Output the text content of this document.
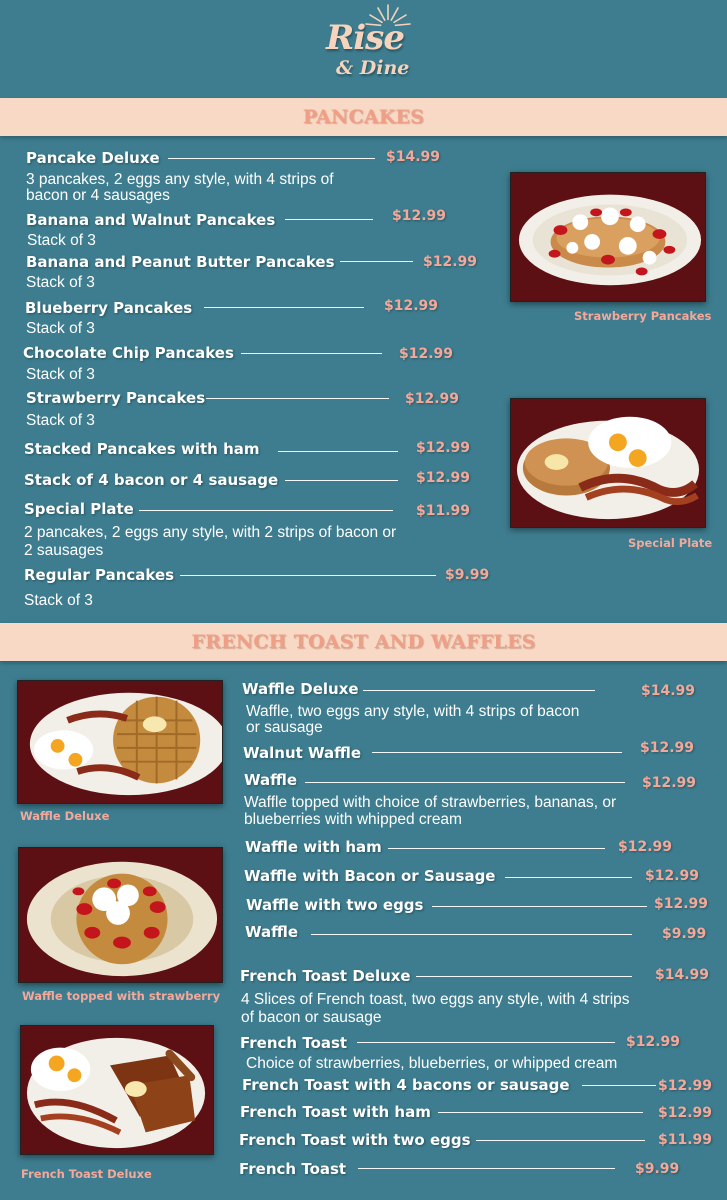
Rise
& Dine
PANCAKES
Pancake Deluxe	$14.99
3 pancakes, 2 eggs any style, with 4 strips of
bacon or 4 sausages
Banana and Walnut Pancakes	$12.99
Stack of 3
Banana and Peanut Butter Pancakes	$12.99
Stack of 3
Blueberry Pancakes	$12.99
Stack of 3
Chocolate Chip Pancakes	$12.99
Stack of 3
Strawberry Pancakes	$12.99
Stack of 3
Stacked Pancakes with ham	$12.99
Stack of 4 bacon or 4 sausage	$12.99
Special Plate	$11.99
2 pancakes, 2 eggs any style, with 2 strips of bacon or
2 sausages
Regular Pancakes	$9.99
Stack of 3
Strawberry Pancakes
Special Plate
FRENCH TOAST AND WAFFLES
Waffle Deluxe
Waffle topped with strawberry
French Toast Deluxe
Waffle Deluxe	$14.99
Waffle, two eggs any style, with 4 strips of bacon
or sausage
Walnut Waffle	$12.99
Waffle	$12.99
Waffle topped with choice of strawberries, bananas, or
blueberries with whipped cream
Waffle with ham	$12.99
Waffle with Bacon or Sausage	$12.99
Waffle with two eggs	$12.99
Waffle	$9.99
French Toast Deluxe	$14.99
4 Slices of French toast, two eggs any style, with 4 strips
of bacon or sausage
French Toast	$12.99
Choice of strawberries, blueberries, or whipped cream
French Toast with 4 bacons or sausage	$12.99
French Toast with ham	$12.99
French Toast with two eggs	$11.99
French Toast	$9.99
